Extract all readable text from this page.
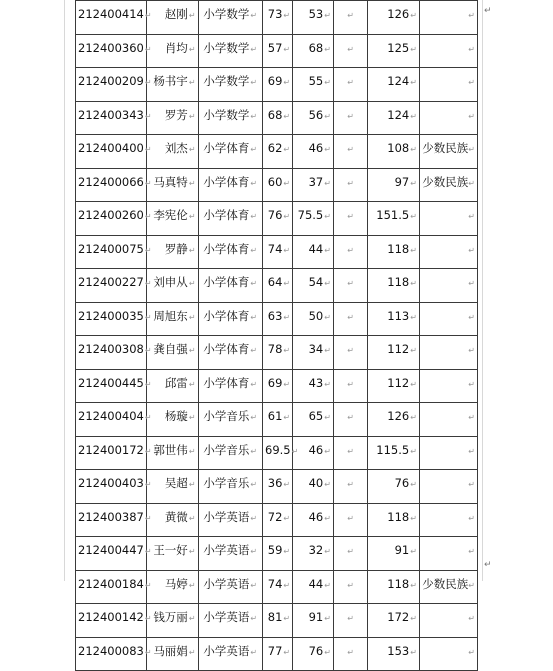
↵
↵
212400414↵	赵刚↵	小学数学↵	73↵	53↵	↵	126↵	↵
212400360↵	肖均↵	小学数学↵	57↵	68↵	↵	125↵	↵
212400209↵	杨书宇↵	小学数学↵	69↵	55↵	↵	124↵	↵
212400343↵	罗芳↵	小学数学↵	68↵	56↵	↵	124↵	↵
212400400↵	刘杰↵	小学体育↵	62↵	46↵	↵	108↵	少数民族↵
212400066↵	马真特↵	小学体育↵	60↵	37↵	↵	97↵	少数民族↵
212400260↵	李宪伦↵	小学体育↵	76↵	75.5↵	↵	151.5↵	↵
212400075↵	罗静↵	小学体育↵	74↵	44↵	↵	118↵	↵
212400227↵	刘申从↵	小学体育↵	64↵	54↵	↵	118↵	↵
212400035↵	周旭东↵	小学体育↵	63↵	50↵	↵	113↵	↵
212400308↵	龚自强↵	小学体育↵	78↵	34↵	↵	112↵	↵
212400445↵	邱雷↵	小学体育↵	69↵	43↵	↵	112↵	↵
212400404↵	杨璇↵	小学音乐↵	61↵	65↵	↵	126↵	↵
212400172↵	郭世伟↵	小学音乐↵	69.5↵	46↵	↵	115.5↵	↵
212400403↵	吴超↵	小学音乐↵	36↵	40↵	↵	76↵	↵
212400387↵	黄微↵	小学英语↵	72↵	46↵	↵	118↵	↵
212400447↵	王一好↵	小学英语↵	59↵	32↵	↵	91↵	↵
212400184↵	马婷↵	小学英语↵	74↵	44↵	↵	118↵	少数民族↵
212400142↵	钱万丽↵	小学英语↵	81↵	91↵	↵	172↵	↵
212400083↵	马丽娟↵	小学英语↵	77↵	76↵	↵	153↵	↵
